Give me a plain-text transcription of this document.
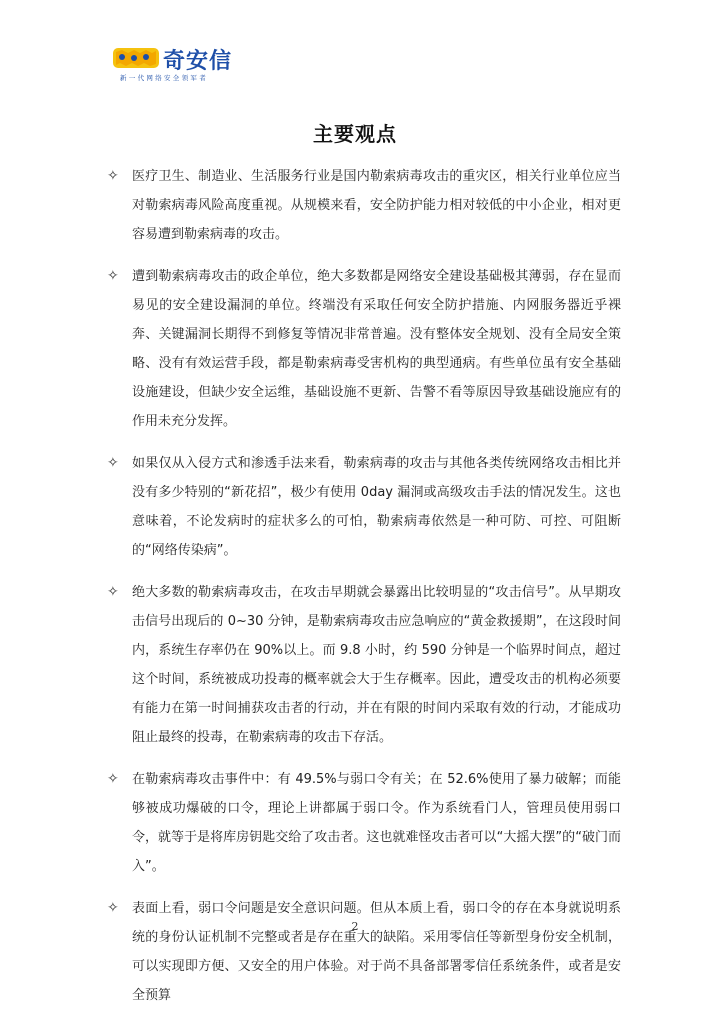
奇安信
新一代网络安全领军者
主要观点
✧ 医疗卫生、制造业、生活服务行业是国内勒索病毒攻击的重灾区，相关行业单位应当对勒索病毒风险高度重视。从规模来看，安全防护能力相对较低的中小企业，相对更容易遭到勒索病毒的攻击。
✧ 遭到勒索病毒攻击的政企单位，绝大多数都是网络安全建设基础极其薄弱，存在显而易见的安全建设漏洞的单位。终端没有采取任何安全防护措施、内网服务器近乎裸奔、关键漏洞长期得不到修复等情况非常普遍。没有整体安全规划、没有全局安全策略、没有有效运营手段，都是勒索病毒受害机构的典型通病。有些单位虽有安全基础设施建设，但缺少安全运维，基础设施不更新、告警不看等原因导致基础设施应有的作用未充分发挥。
✧ 如果仅从入侵方式和渗透手法来看，勒索病毒的攻击与其他各类传统网络攻击相比并没有多少特别的“新花招”，极少有使用 0day 漏洞或高级攻击手法的情况发生。这也意味着，不论发病时的症状多么的可怕，勒索病毒依然是一种可防、可控、可阻断的“网络传染病”。
✧ 绝大多数的勒索病毒攻击，在攻击早期就会暴露出比较明显的“攻击信号”。从早期攻击信号出现后的 0~30 分钟，是勒索病毒攻击应急响应的“黄金救援期”，在这段时间内，系统生存率仍在 90%以上。而 9.8 小时，约 590 分钟是一个临界时间点，超过这个时间，系统被成功投毒的概率就会大于生存概率。因此，遭受攻击的机构必须要有能力在第一时间捕获攻击者的行动，并在有限的时间内采取有效的行动，才能成功阻止最终的投毒，在勒索病毒的攻击下存活。
✧ 在勒索病毒攻击事件中：有 49.5%与弱口令有关；在 52.6%使用了暴力破解；而能够被成功爆破的口令，理论上讲都属于弱口令。作为系统看门人，管理员使用弱口令，就等于是将库房钥匙交给了攻击者。这也就难怪攻击者可以“大摇大摆”的“破门而入”。
✧ 表面上看，弱口令问题是安全意识问题。但从本质上看，弱口令的存在本身就说明系统的身份认证机制不完整或者是存在重大的缺陷。采用零信任等新型身份安全机制，可以实现即方便、又安全的用户体验。对于尚不具备部署零信任系统条件，或者是安全预算
2
